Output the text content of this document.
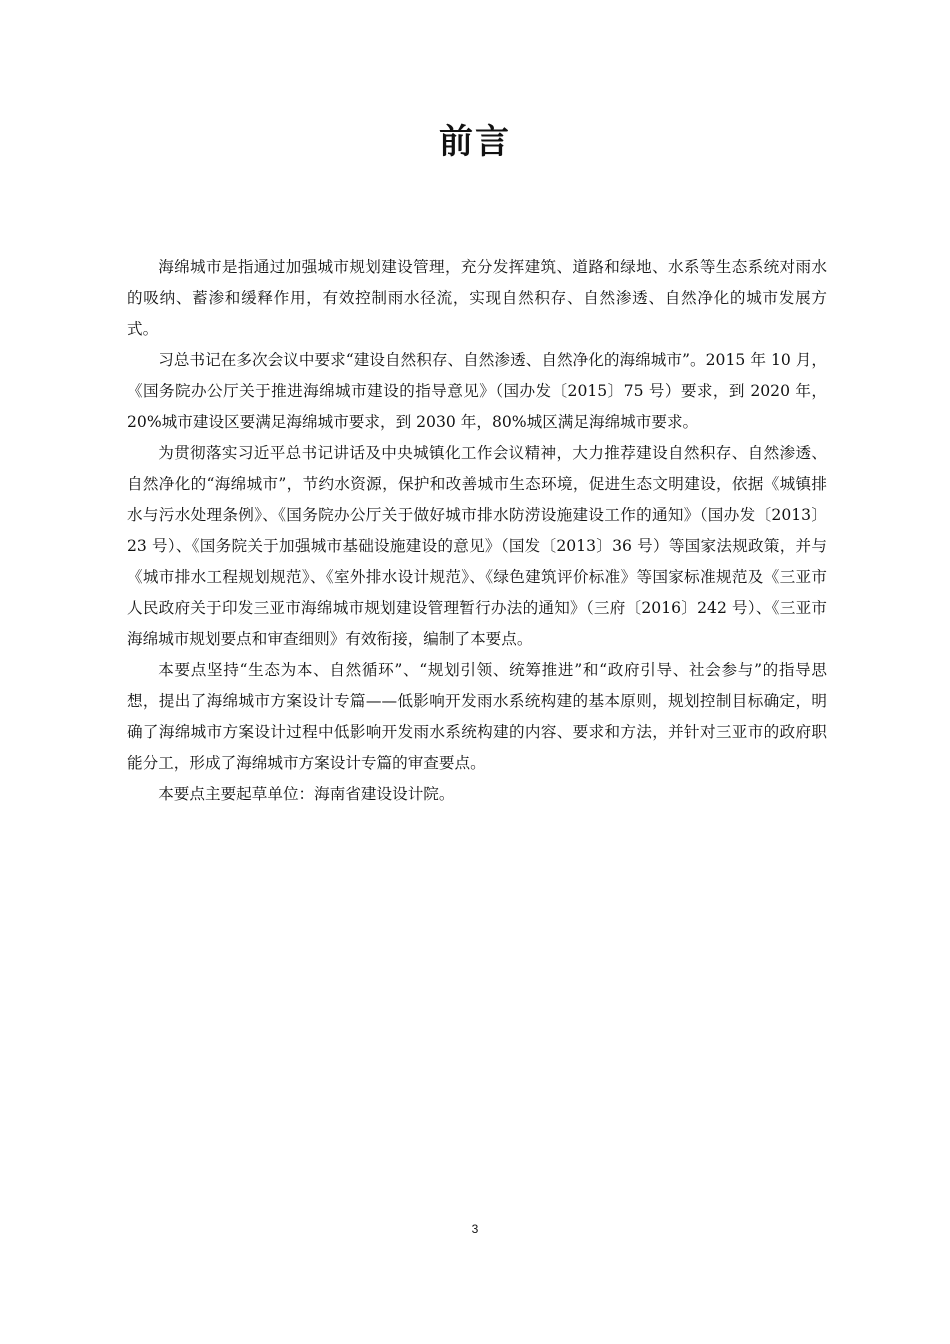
前言

海绵城市是指通过加强城市规划建设管理，充分发挥建筑、道路和绿地、水系等生态系统对雨水的吸纳、蓄渗和缓释作用，有效控制雨水径流，实现自然积存、自然渗透、自然净化的城市发展方式。

习总书记在多次会议中要求“建设自然积存、自然渗透、自然净化的海绵城市”。2015 年 10 月，《国务院办公厅关于推进海绵城市建设的指导意见》（国办发〔2015〕75 号）要求，到 2020 年，20%城市建设区要满足海绵城市要求，到 2030 年，80%城区满足海绵城市要求。

为贯彻落实习近平总书记讲话及中央城镇化工作会议精神，大力推荐建设自然积存、自然渗透、自然净化的“海绵城市”，节约水资源，保护和改善城市生态环境，促进生态文明建设，依据《城镇排水与污水处理条例》、《国务院办公厅关于做好城市排水防涝设施建设工作的通知》（国办发〔2013〕23 号）、《国务院关于加强城市基础设施建设的意见》（国发〔2013〕36 号）等国家法规政策，并与《城市排水工程规划规范》、《室外排水设计规范》、《绿色建筑评价标准》等国家标准规范及《三亚市人民政府关于印发三亚市海绵城市规划建设管理暂行办法的通知》（三府〔2016〕242 号）、《三亚市海绵城市规划要点和审查细则》有效衔接，编制了本要点。

本要点坚持“生态为本、自然循环”、“规划引领、统筹推进”和“政府引导、社会参与”的指导思想，提出了海绵城市方案设计专篇——低影响开发雨水系统构建的基本原则，规划控制目标确定，明确了海绵城市方案设计过程中低影响开发雨水系统构建的内容、要求和方法，并针对三亚市的政府职能分工，形成了海绵城市方案设计专篇的审查要点。

本要点主要起草单位：海南省建设设计院。

3
